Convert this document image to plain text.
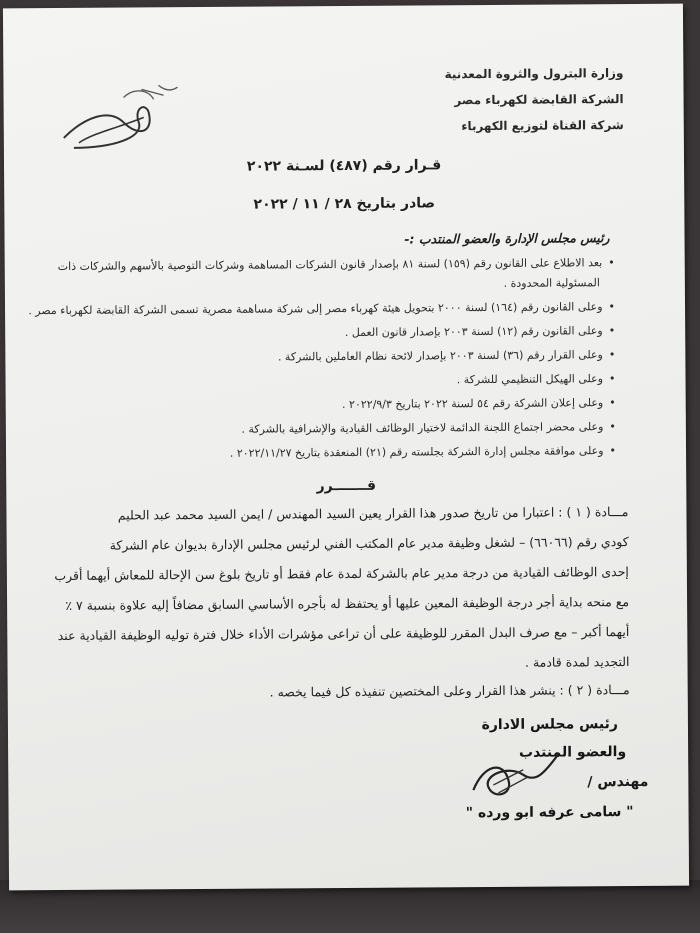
وزارة البترول والثروة المعدنية
الشركة القابضة لكهرباء مصر
شركة القناة لتوزيع الكهرباء
قـرار رقم (٤٨٧) لسـنة ٢٠٢٢
صادر بتاريخ ٢٨ / ١١ / ٢٠٢٢
رئيس مجلس الإدارة والعضو المنتدب :-
• بعد الاطلاع على القانون رقم (١٥٩) لسنة ٨١ بإصدار قانون الشركات المساهمة وشركات التوصية بالأسهم والشركات ذات
المسئولية المحدودة .
• وعلى القانون رقم (١٦٤) لسنة ٢٠٠٠ بتحويل هيئة كهرباء مصر إلى شركة مساهمة مصرية تسمى الشركة القابضة لكهرباء مصر .
• وعلى القانون رقم (١٢) لسنة ٢٠٠٣ بإصدار قانون العمل .
• وعلى القرار رقم (٣٦) لسنة ٢٠٠٣ بإصدار لائحة نظام العاملين بالشركة .
• وعلى الهيكل التنظيمي للشركة .
• وعلى إعلان الشركة رقم ٥٤ لسنة ٢٠٢٢ بتاريخ ٢٠٢٢/٩/٣ .
• وعلى محضر اجتماع اللجنة الدائمة لاختيار الوظائف القيادية والإشرافية بالشركة .
• وعلى موافقة مجلس إدارة الشركة بجلسته رقم (٢١) المنعقدة بتاريخ ٢٠٢٢/١١/٢٧ .
قـــــــرر
مـــادة ( ١ ) : اعتبارا من تاريخ صدور هذا القرار يعين السيد المهندس / ايمن السيد محمد عبد الحليم
كودي رقم (٦٦٠٦٦) – لشغل وظيفة مدير عام المكتب الفني لرئيس مجلس الإدارة بديوان عام الشركة
إحدى الوظائف القيادية من درجة مدير عام بالشركة لمدة عام فقط أو تاريخ بلوغ سن الإحالة للمعاش أيهما أقرب
مع منحه بداية أجر درجة الوظيفة المعين عليها أو يحتفظ له بأجره الأساسي السابق مضافاً إليه علاوة بنسبة ٧ ٪
أيهما أكبر – مع صرف البدل المقرر للوظيفة على أن تراعى مؤشرات الأداء خلال فترة توليه الوظيفة القيادية عند
التجديد لمدة قادمة .
مـــادة ( ٢ ) : ينشر هذا القرار وعلى المختصين تنفيذه كل فيما يخصه .
رئيس مجلس الادارة
والعضو المنتدب
مهندس /
" سامى عرفه ابو ورده "
